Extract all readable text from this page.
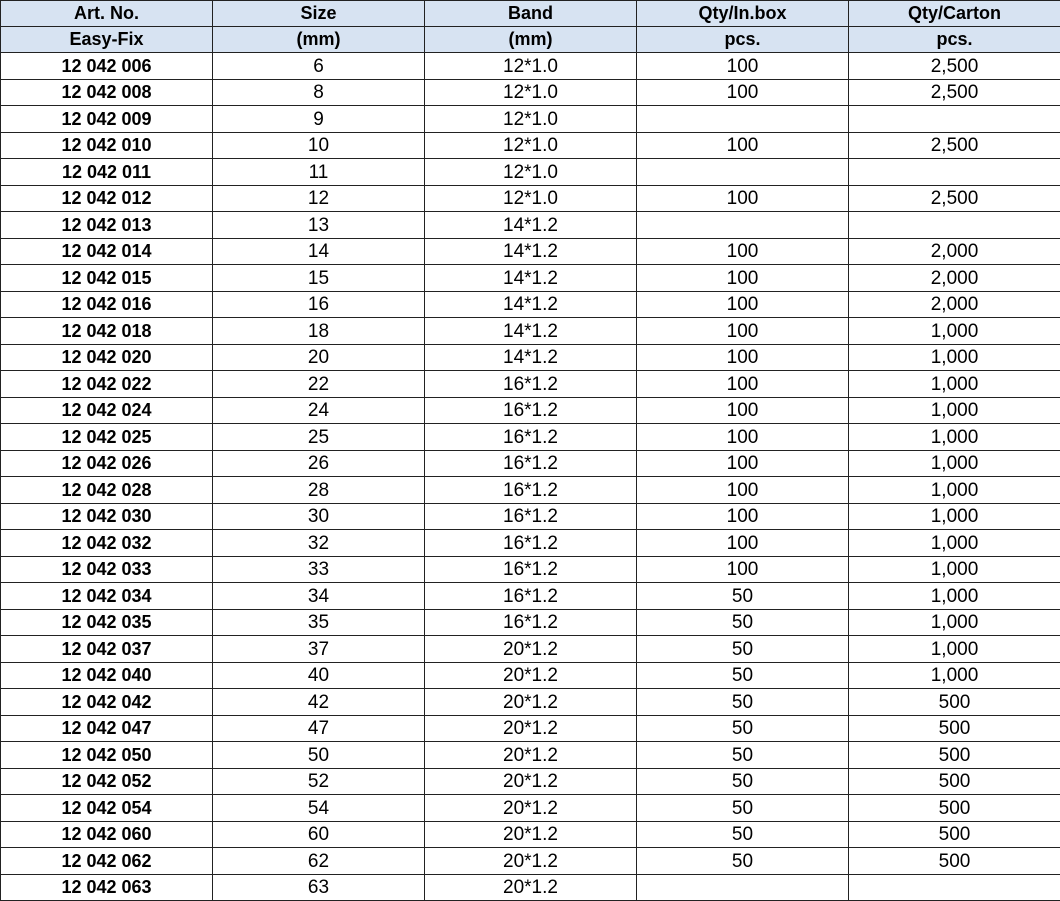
Art. No.	Size	Band	Qty/In.box	Qty/Carton
Easy-Fix	(mm)	(mm)	pcs.	pcs.
12 042 006	6	12*1.0	100	2,500
12 042 008	8	12*1.0	100	2,500
12 042 009	9	12*1.0		
12 042 010	10	12*1.0	100	2,500
12 042 011	11	12*1.0		
12 042 012	12	12*1.0	100	2,500
12 042 013	13	14*1.2		
12 042 014	14	14*1.2	100	2,000
12 042 015	15	14*1.2	100	2,000
12 042 016	16	14*1.2	100	2,000
12 042 018	18	14*1.2	100	1,000
12 042 020	20	14*1.2	100	1,000
12 042 022	22	16*1.2	100	1,000
12 042 024	24	16*1.2	100	1,000
12 042 025	25	16*1.2	100	1,000
12 042 026	26	16*1.2	100	1,000
12 042 028	28	16*1.2	100	1,000
12 042 030	30	16*1.2	100	1,000
12 042 032	32	16*1.2	100	1,000
12 042 033	33	16*1.2	100	1,000
12 042 034	34	16*1.2	50	1,000
12 042 035	35	16*1.2	50	1,000
12 042 037	37	20*1.2	50	1,000
12 042 040	40	20*1.2	50	1,000
12 042 042	42	20*1.2	50	500
12 042 047	47	20*1.2	50	500
12 042 050	50	20*1.2	50	500
12 042 052	52	20*1.2	50	500
12 042 054	54	20*1.2	50	500
12 042 060	60	20*1.2	50	500
12 042 062	62	20*1.2	50	500
12 042 063	63	20*1.2		
